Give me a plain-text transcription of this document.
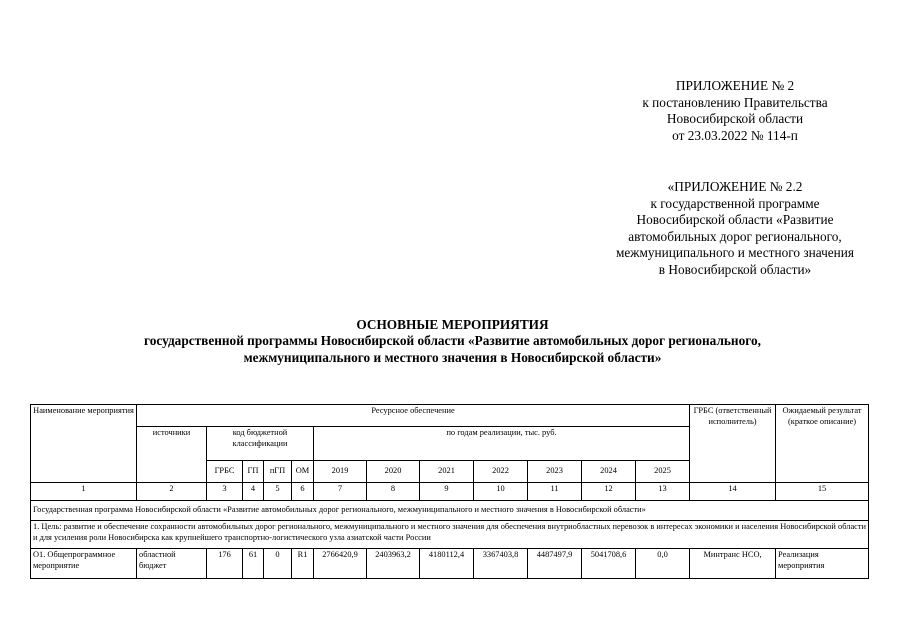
ПРИЛОЖЕНИЕ № 2
к постановлению Правительства
Новосибирской области
от 23.03.2022 № 114-п
«ПРИЛОЖЕНИЕ № 2.2
к государственной программе
Новосибирской области «Развитие
автомобильных дорог регионального,
межмуниципального и местного значения
в Новосибирской области»
ОСНОВНЫЕ МЕРОПРИЯТИЯ
государственной программы Новосибирской области «Развитие автомобильных дорог регионального,
межмуниципального и местного значения в Новосибирской области»
Наименование мероприятия	Ресурсное обеспечение												ГРБС (ответственный исполнитель)	Ожидаемый результат (краткое описание)
	источники	код бюджетной классификации				по годам реализации, тыс. руб.								
		ГРБС	ГП	пГП	ОМ	2019	2020	2021	2022	2023	2024	2025		
1	2	3	4	5	6	7	8	9	10	11	12	13	14	15
Государственная программа Новосибирской области «Развитие автомобильных дорог регионального, межмуниципального и местного значения в Новосибирской области»														
1. Цель: развитие и обеспечение сохранности автомобильных дорог регионального, межмуниципального и местного значения для обеспечения внутриобластных перевозок в интересах экономики и населения Новосибирской области и для усиления роли Новосибирска как крупнейшего транспортно-логистического узла азиатской части России														
О1. Общепрограммное мероприятие	областной бюджет	176	61	0	R1	2766420,9	2403963,2	4180112,4	3367403,8	4487497,9	5041708,6	0,0	Минтранс НСО,	Реализация мероприятия
